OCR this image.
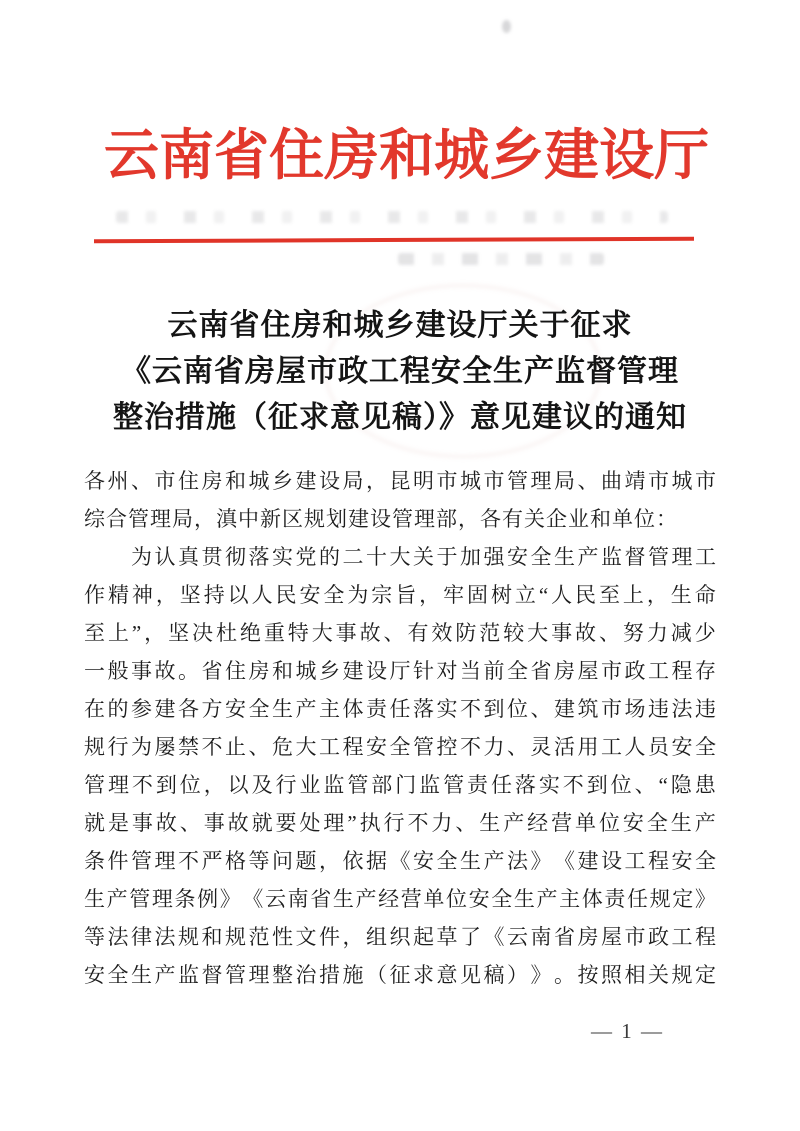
云 南 省 住 房 和 城 乡 建 设 厅
云南省住房和城乡建设厅关于征求
《云南省房屋市政工程安全生产监督管理
整治措施（征求意见稿）》意见建议的通知
各 州 、 市 住 房 和 城 乡 建 设 局 ， 昆 明 市 城 市 管 理 局 、 曲 靖 市 城 市
综合管理局，滇中新区规划建设管理部，各有关企业和单位：
为 认 真 贯 彻 落 实 党 的 二 十 大 关 于 加 强 安 全 生 产 监 督 管 理 工
作 精 神 ， 坚 持 以 人 民 安 全 为 宗 旨 ， 牢 固 树 立 “ 人 民 至 上 ， 生 命
至 上 ” ， 坚 决 杜 绝 重 特 大 事 故 、 有 效 防 范 较 大 事 故 、 努 力 减 少
一 般 事 故 。 省 住 房 和 城 乡 建 设 厅 针 对 当 前 全 省 房 屋 市 政 工 程 存
在 的 参 建 各 方 安 全 生 产 主 体 责 任 落 实 不 到 位 、 建 筑 市 场 违 法 违
规 行 为 屡 禁 不 止 、 危 大 工 程 安 全 管 控 不 力 、 灵 活 用 工 人 员 安 全
管 理 不 到 位 ， 以 及 行 业 监 管 部 门 监 管 责 任 落 实 不 到 位 、 “ 隐 患
就 是 事 故 、 事 故 就 要 处 理 ” 执 行 不 力 、 生 产 经 营 单 位 安 全 生 产
条 件 管 理 不 严 格 等 问 题 ， 依 据 《 安 全 生 产 法 》 《 建 设 工 程 安 全
生 产 管 理 条 例 》 《 云 南 省 生 产 经 营 单 位 安 全 生 产 主 体 责 任 规 定 》
等 法 律 法 规 和 规 范 性 文 件 ， 组 织 起 草 了 《 云 南 省 房 屋 市 政 工 程
安 全 生 产 监 督 管 理 整 治 措 施 （ 征 求 意 见 稿 ） 》 。 按 照 相 关 规 定
— 1 —
